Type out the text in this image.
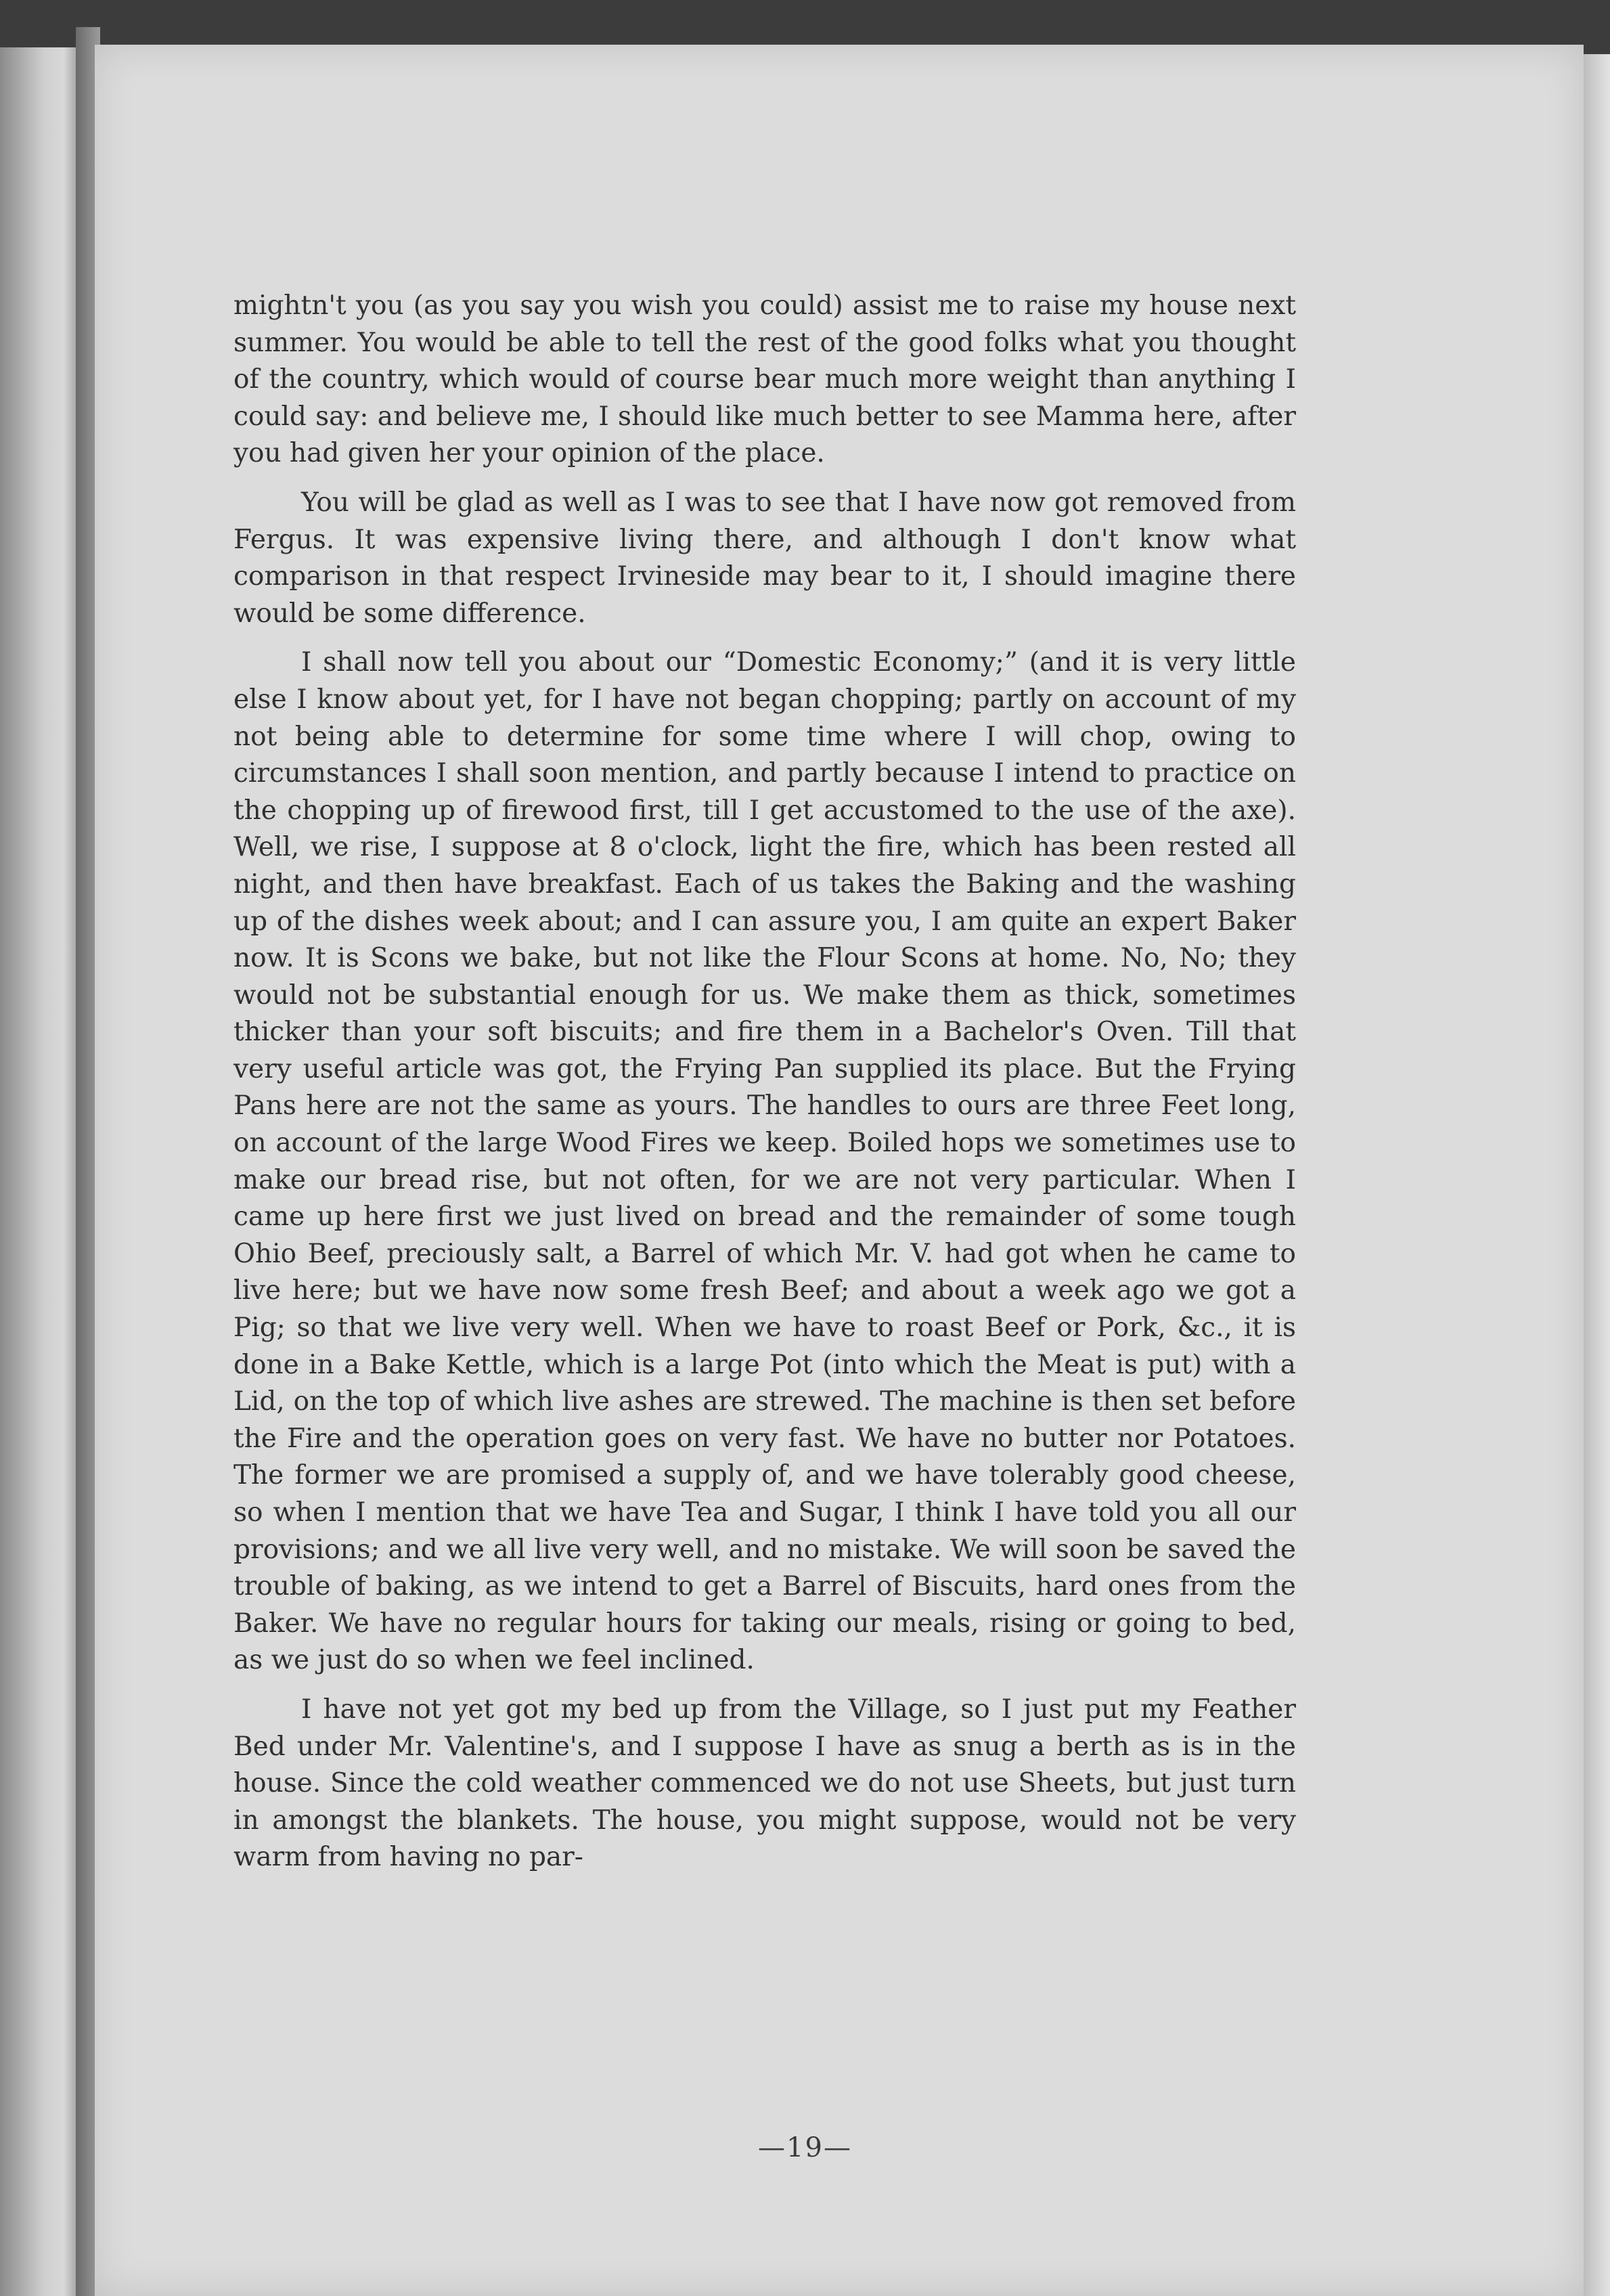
mightn't you (as you say you wish you could) assist me to raise my house next summer. You would be able to tell the rest of the good folks what you thought of the country, which would of course bear much more weight than anything I could say: and believe me, I should like much better to see Mamma here, after you had given her your opinion of the place.

You will be glad as well as I was to see that I have now got removed from Fergus. It was expensive living there, and although I don't know what comparison in that respect Irvineside may bear to it, I should imagine there would be some difference.

I shall now tell you about our “Domestic Economy;” (and it is very little else I know about yet, for I have not began chopping; partly on account of my not being able to determine for some time where I will chop, owing to circumstances I shall soon mention, and partly because I intend to practice on the chopping up of firewood first, till I get accustomed to the use of the axe). Well, we rise, I suppose at 8 o'clock, light the fire, which has been rested all night, and then have breakfast. Each of us takes the Baking and the washing up of the dishes week about; and I can assure you, I am quite an expert Baker now. It is Scons we bake, but not like the Flour Scons at home. No, No; they would not be substantial enough for us. We make them as thick, sometimes thicker than your soft biscuits; and fire them in a Bachelor's Oven. Till that very useful article was got, the Frying Pan supplied its place. But the Frying Pans here are not the same as yours. The handles to ours are three Feet long, on account of the large Wood Fires we keep. Boiled hops we sometimes use to make our bread rise, but not often, for we are not very particular. When I came up here first we just lived on bread and the remainder of some tough Ohio Beef, preciously salt, a Barrel of which Mr. V. had got when he came to live here; but we have now some fresh Beef; and about a week ago we got a Pig; so that we live very well. When we have to roast Beef or Pork, &c., it is done in a Bake Kettle, which is a large Pot (into which the Meat is put) with a Lid, on the top of which live ashes are strewed. The machine is then set before the Fire and the operation goes on very fast. We have no butter nor Potatoes. The former we are promised a supply of, and we have tolerably good cheese, so when I mention that we have Tea and Sugar, I think I have told you all our provisions; and we all live very well, and no mistake. We will soon be saved the trouble of baking, as we intend to get a Barrel of Biscuits, hard ones from the Baker. We have no regular hours for taking our meals, rising or going to bed, as we just do so when we feel inclined.

I have not yet got my bed up from the Village, so I just put my Feather Bed under Mr. Valentine's, and I suppose I have as snug a berth as is in the house. Since the cold weather commenced we do not use Sheets, but just turn in amongst the blankets. The house, you might suppose, would not be very warm from having no par-

—19—
